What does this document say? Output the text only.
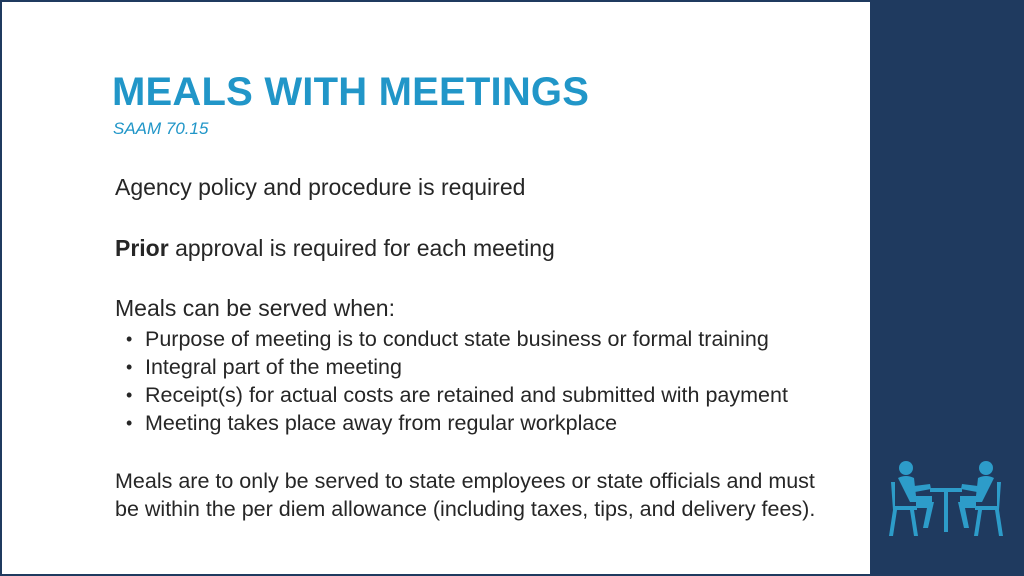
MEALS WITH MEETINGS
SAAM 70.15

Agency policy and procedure is required

Prior approval is required for each meeting

Meals can be served when:

• Purpose of meeting is to conduct state business or formal training
• Integral part of the meeting
• Receipt(s) for actual costs are retained and submitted with payment
• Meeting takes place away from regular workplace

Meals are to only be served to state employees or state officials and must be within the per diem allowance (including taxes, tips, and delivery fees).
